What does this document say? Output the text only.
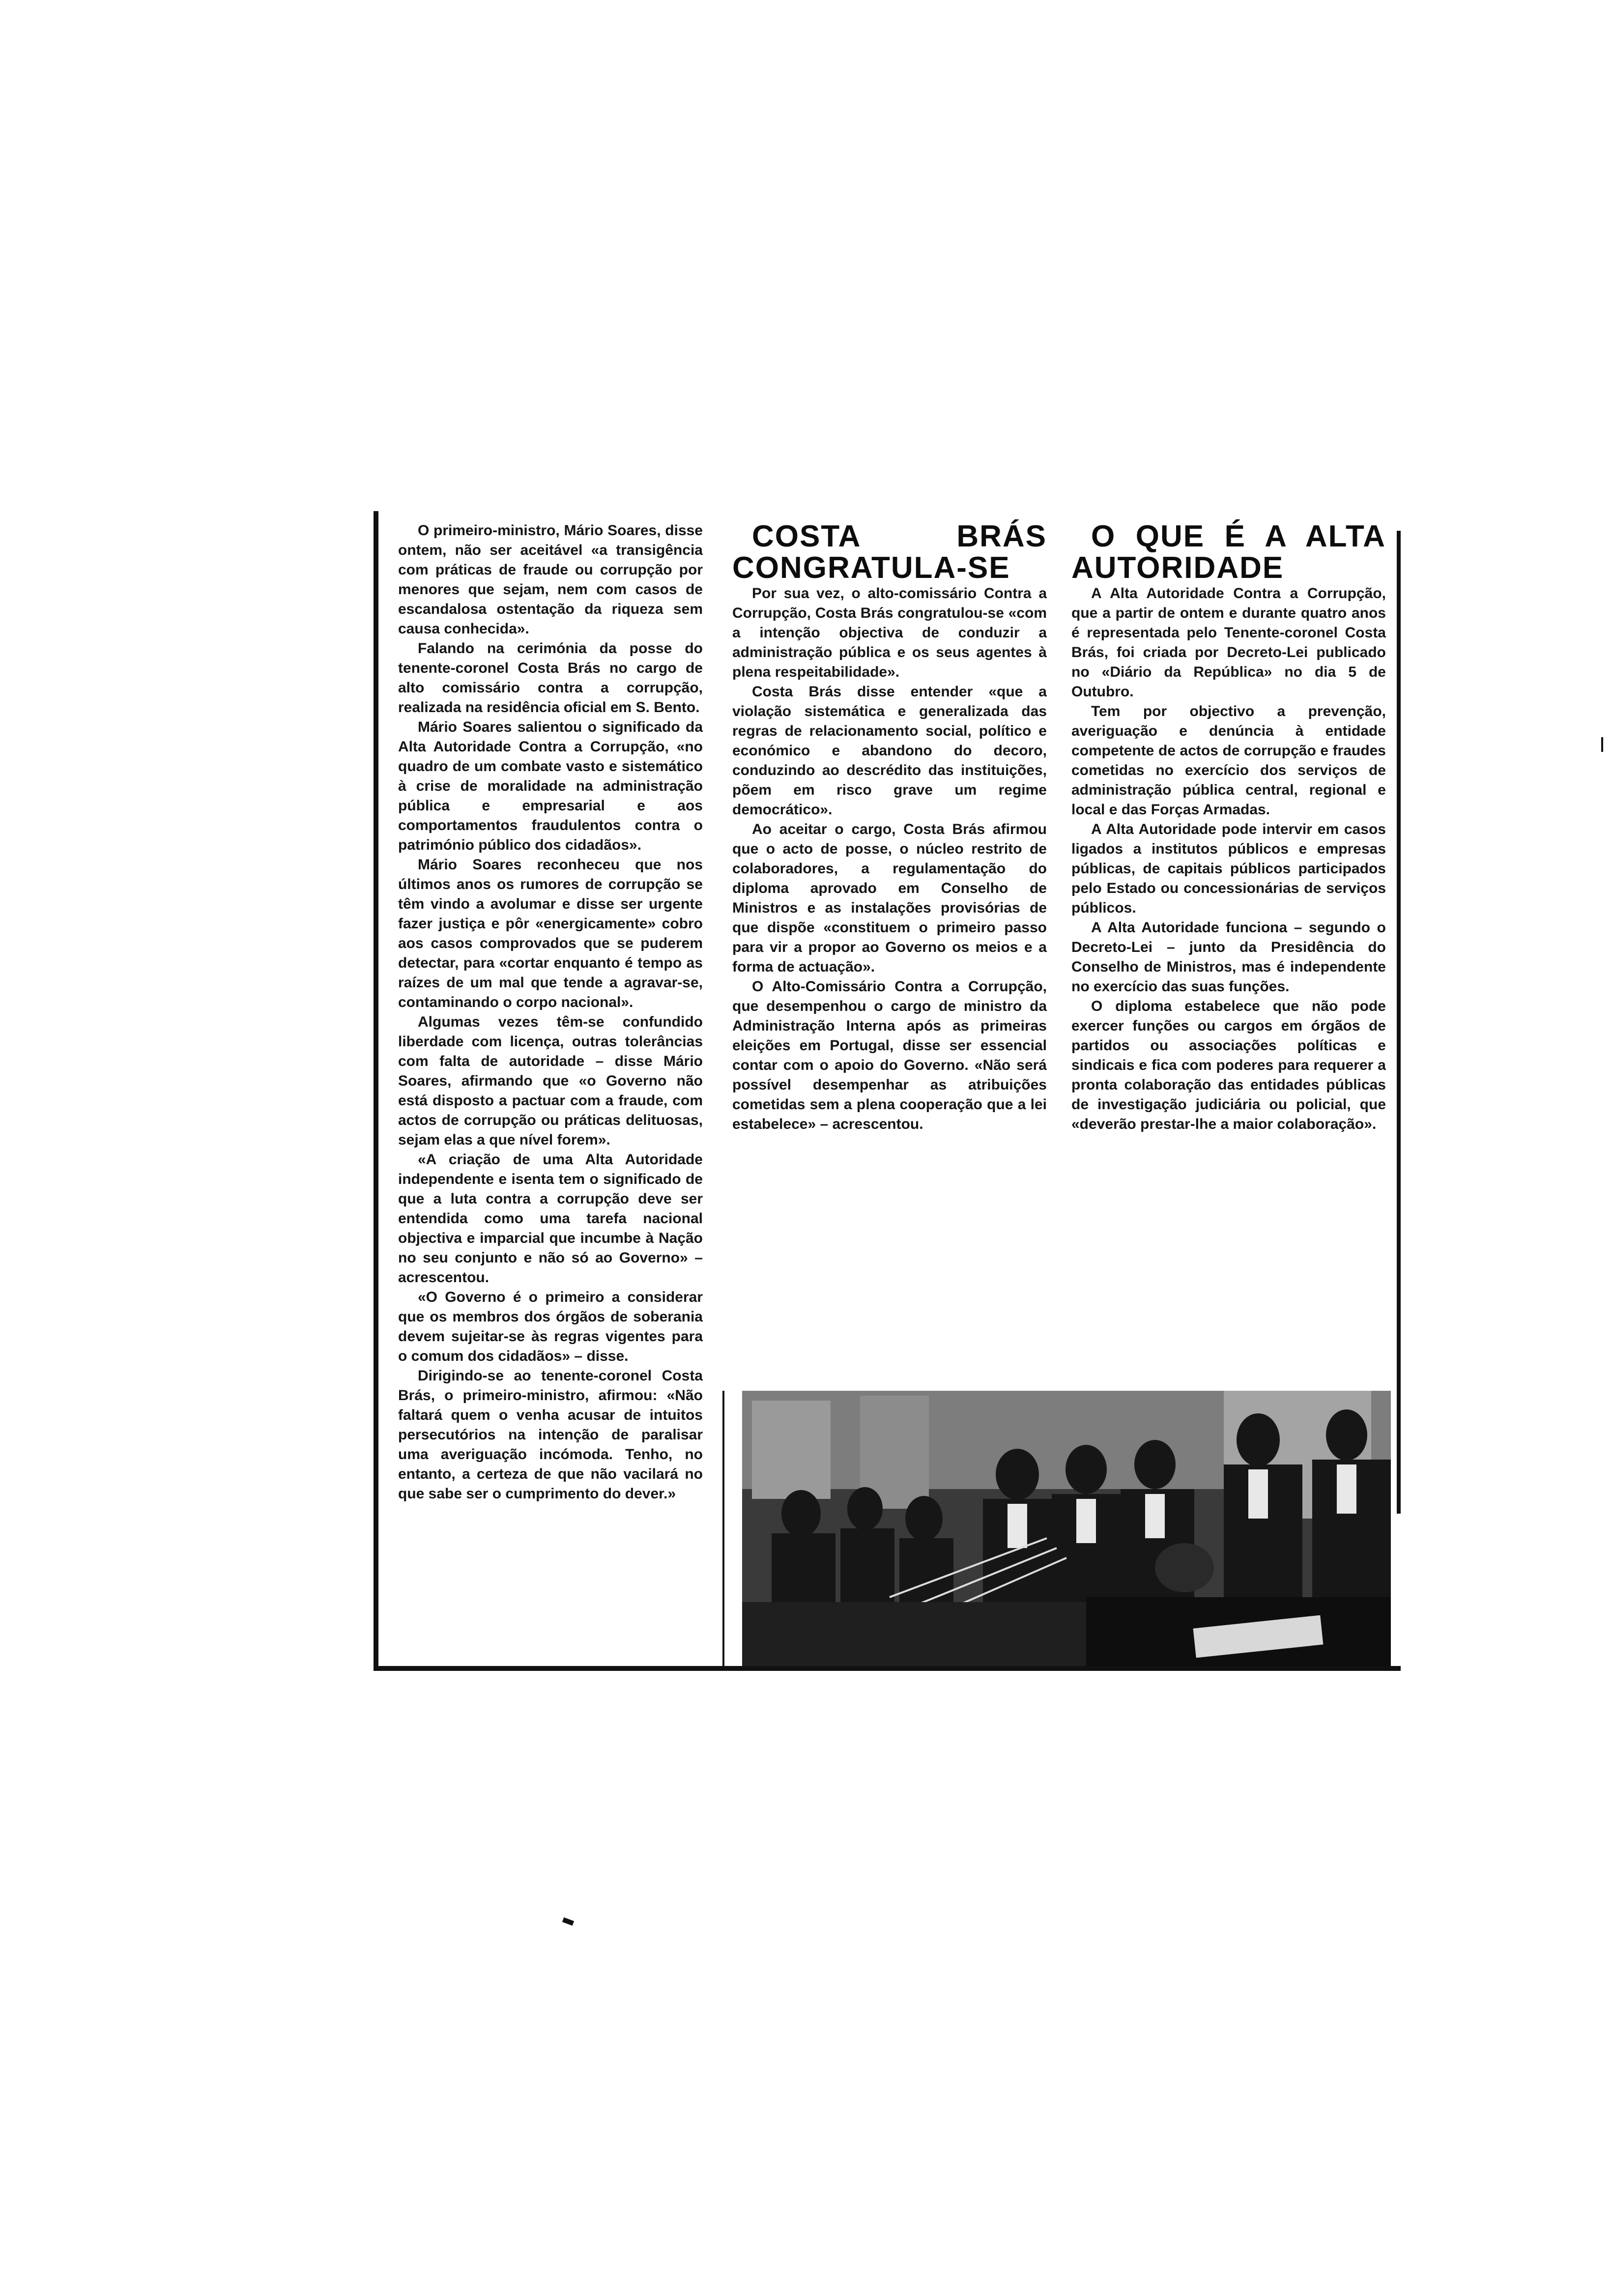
O primeiro-ministro, Mário Soares, disse ontem, não ser aceitável «a transigência com práticas de fraude ou corrupção por menores que sejam, nem com casos de escandalosa ostentação da riqueza sem causa conhecida».

Falando na cerimónia da posse do tenente-coronel Costa Brás no cargo de alto comissário contra a corrupção, realizada na residência oficial em S. Bento.

Mário Soares salientou o significado da Alta Autoridade Contra a Corrupção, «no quadro de um combate vasto e sistemático à crise de moralidade na administração pública e empresarial e aos comportamentos fraudulentos contra o património público dos cidadãos».

Mário Soares reconheceu que nos últimos anos os rumores de corrupção se têm vindo a avolumar e disse ser urgente fazer justiça e pôr «energicamente» cobro aos casos comprovados que se puderem detectar, para «cortar enquanto é tempo as raízes de um mal que tende a agravar-se, contaminando o corpo nacional».

Algumas vezes têm-se confundido liberdade com licença, outras tolerâncias com falta de autoridade – disse Mário Soares, afirmando que «o Governo não está disposto a pactuar com a fraude, com actos de corrupção ou práticas delituosas, sejam elas a que nível forem».

«A criação de uma Alta Autoridade independente e isenta tem o significado de que a luta contra a corrupção deve ser entendida como uma tarefa nacional objectiva e imparcial que incumbe à Nação no seu conjunto e não só ao Governo» – acrescentou.

«O Governo é o primeiro a considerar que os membros dos órgãos de soberania devem sujeitar-se às regras vigentes para o comum dos cidadãos» – disse.

Dirigindo-se ao tenente-coronel Costa Brás, o primeiro-ministro, afirmou: «Não faltará quem o venha acusar de intuitos persecutórios na intenção de paralisar uma averiguação incómoda. Tenho, no entanto, a certeza de que não vacilará no que sabe ser o cumprimento do dever.»

COSTA BRÁS CONGRATULA-SE

Por sua vez, o alto-comissário Contra a Corrupção, Costa Brás congratulou-se «com a intenção objectiva de conduzir a administração pública e os seus agentes à plena respeitabilidade».

Costa Brás disse entender «que a violação sistemática e generalizada das regras de relacionamento social, político e económico e abandono do decoro, conduzindo ao descrédito das instituições, põem em risco grave um regime democrático».

Ao aceitar o cargo, Costa Brás afirmou que o acto de posse, o núcleo restrito de colaboradores, a regulamentação do diploma aprovado em Conselho de Ministros e as instalações provisórias de que dispõe «constituem o primeiro passo para vir a propor ao Governo os meios e a forma de actuação».

O Alto-Comissário Contra a Corrupção, que desempenhou o cargo de ministro da Administração Interna após as primeiras eleições em Portugal, disse ser essencial contar com o apoio do Governo. «Não será possível desempenhar as atribuições cometidas sem a plena cooperação que a lei estabelece» – acrescentou.

O QUE É A ALTA AUTORIDADE

A Alta Autoridade Contra a Corrupção, que a partir de ontem e durante quatro anos é representada pelo Tenente-coronel Costa Brás, foi criada por Decreto-Lei publicado no «Diário da República» no dia 5 de Outubro.

Tem por objectivo a prevenção, averiguação e denúncia à entidade competente de actos de corrupção e fraudes cometidas no exercício dos serviços de administração pública central, regional e local e das Forças Armadas.

A Alta Autoridade pode intervir em casos ligados a institutos públicos e empresas públicas, de capitais públicos participados pelo Estado ou concessionárias de serviços públicos.

A Alta Autoridade funciona – segundo o Decreto-Lei – junto da Presidência do Conselho de Ministros, mas é independente no exercício das suas funções.

O diploma estabelece que não pode exercer funções ou cargos em órgãos de partidos ou associações políticas e sindicais e fica com poderes para requerer a pronta colaboração das entidades públicas de investigação judiciária ou policial, que «deverão prestar-lhe a maior colaboração».
